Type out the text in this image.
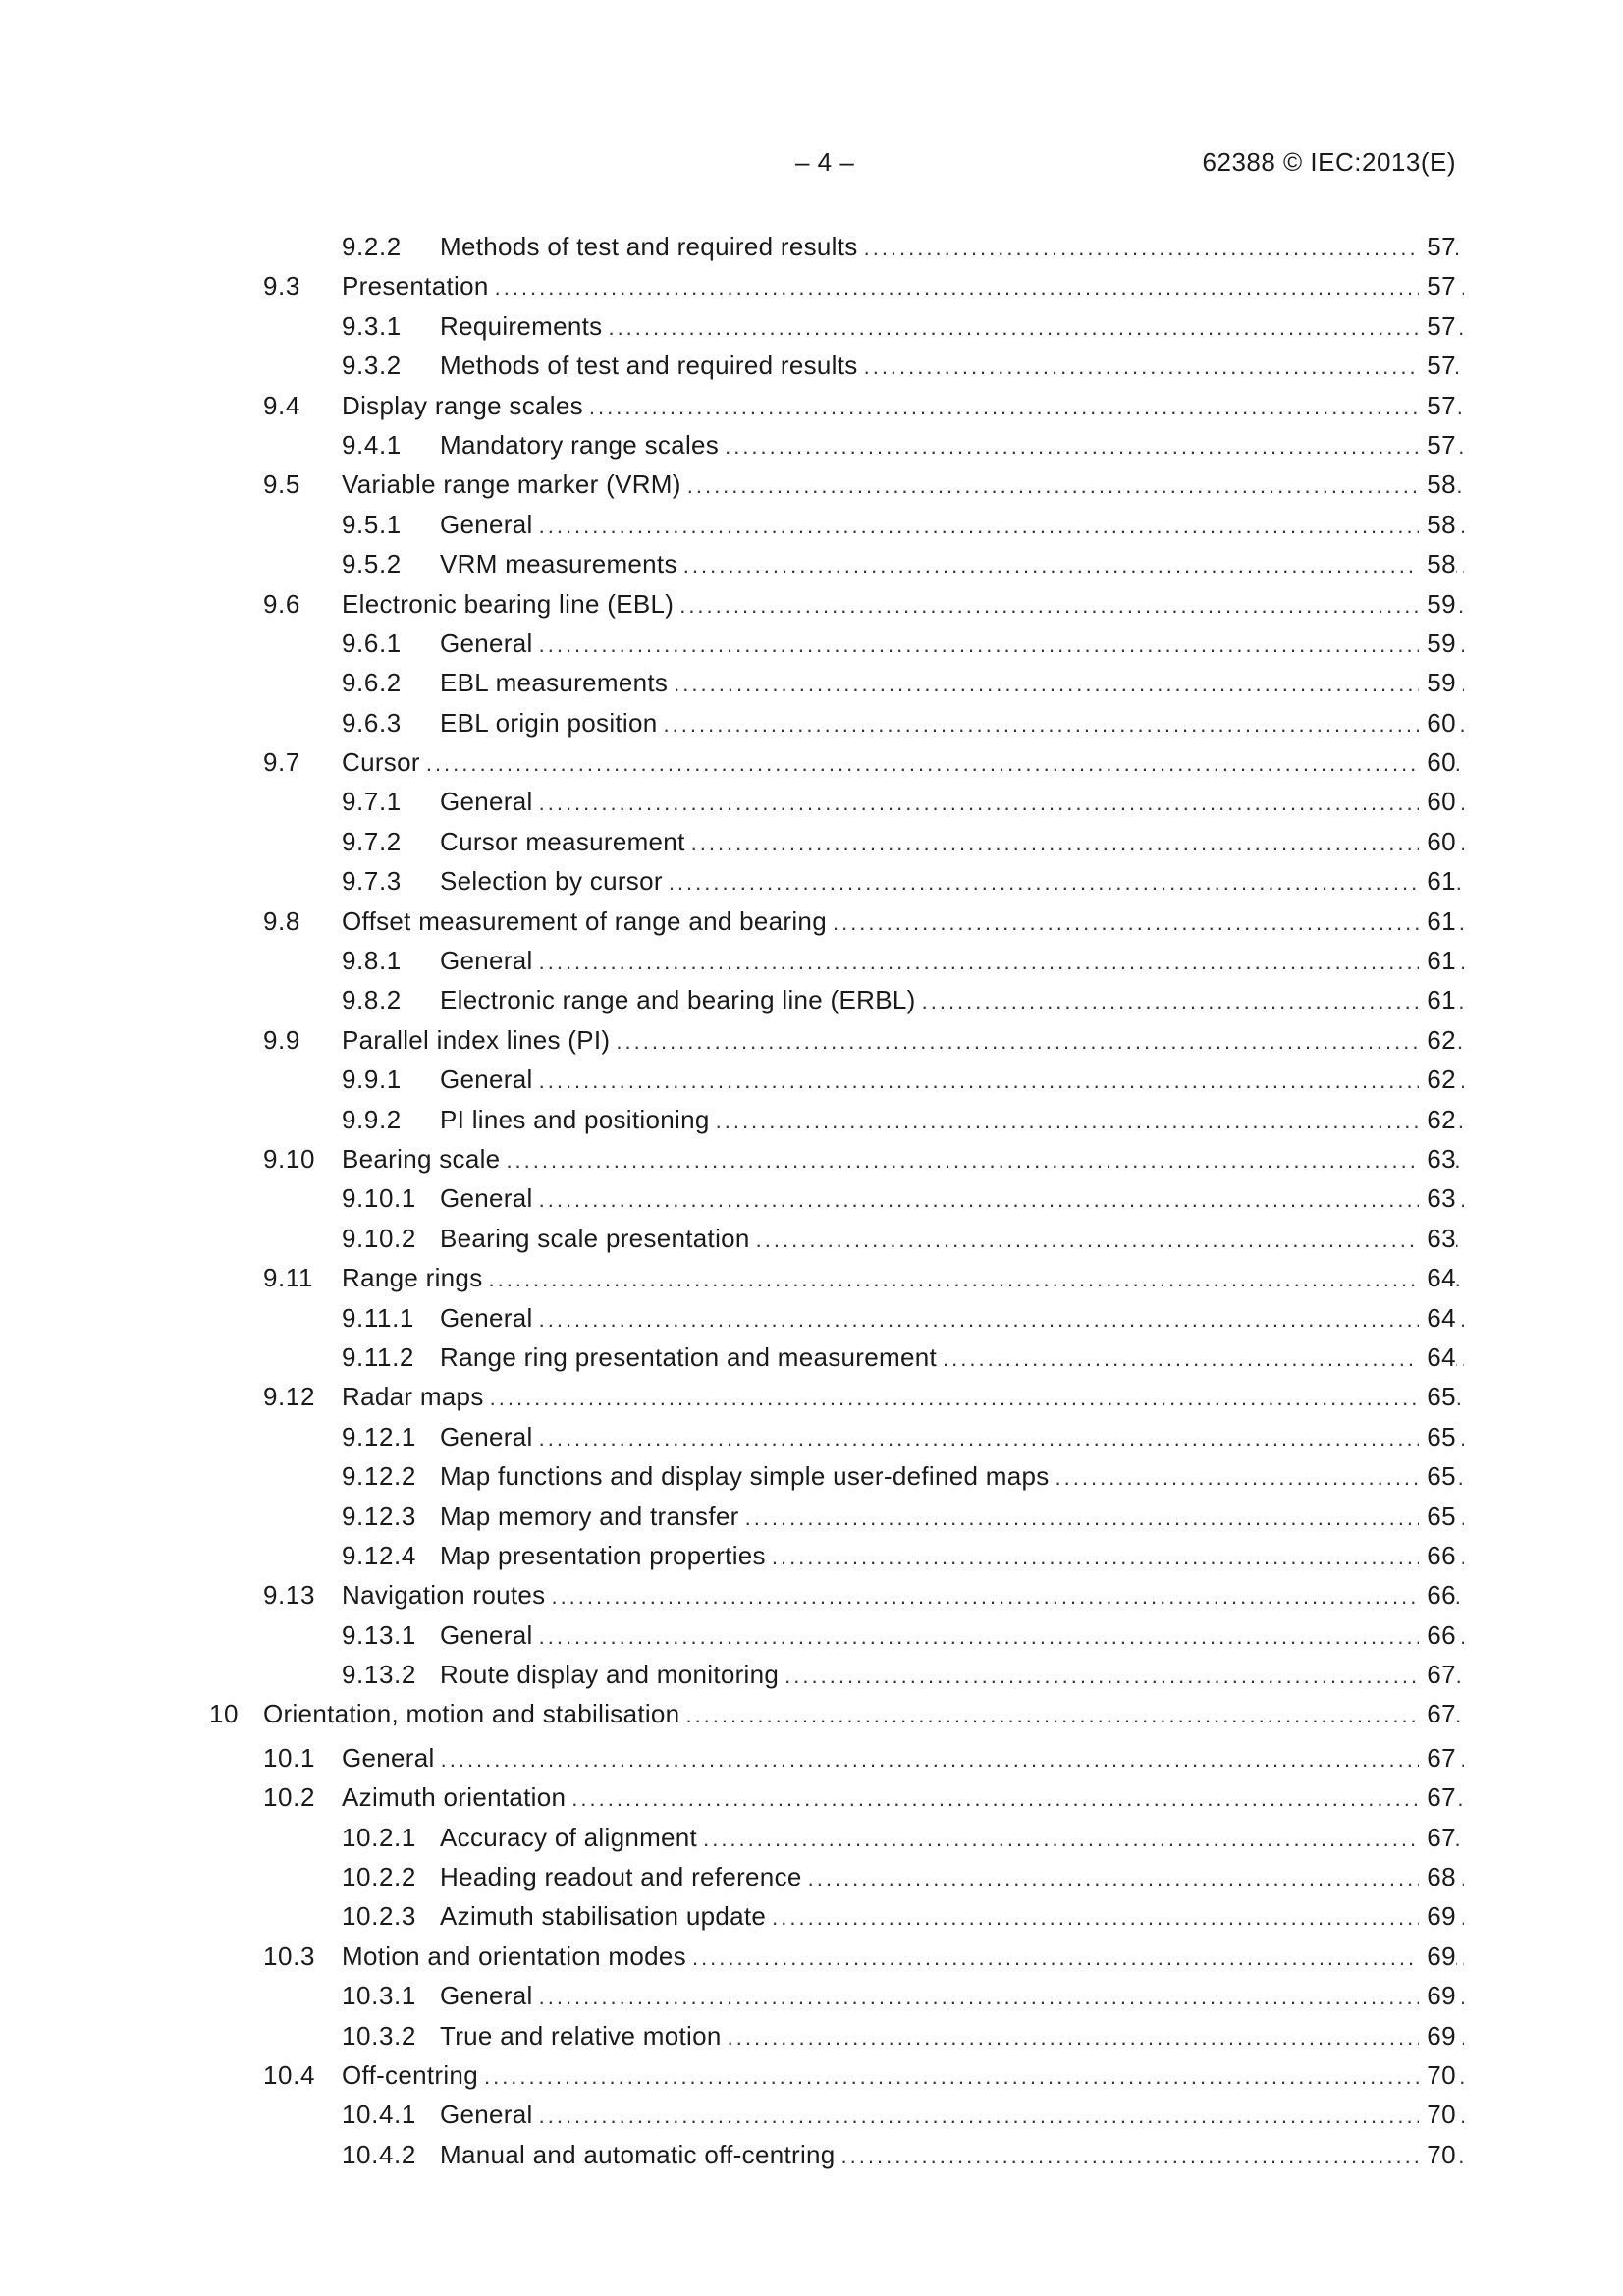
– 4 –	62388 © IEC:2013(E)
9.2.2 Methods of test and required results .....	57
9.3 Presentation .....	57
9.3.1 Requirements .....	57
9.3.2 Methods of test and required results .....	57
9.4 Display range scales .....	57
9.4.1 Mandatory range scales .....	57
9.5 Variable range marker (VRM) .....	58
9.5.1 General .....	58
9.5.2 VRM measurements .....	58
9.6 Electronic bearing line (EBL) .....	59
9.6.1 General .....	59
9.6.2 EBL measurements .....	59
9.6.3 EBL origin position .....	60
9.7 Cursor .....	60
9.7.1 General .....	60
9.7.2 Cursor measurement .....	60
9.7.3 Selection by cursor .....	61
9.8 Offset measurement of range and bearing .....	61
9.8.1 General .....	61
9.8.2 Electronic range and bearing line (ERBL) .....	61
9.9 Parallel index lines (PI) .....	62
9.9.1 General .....	62
9.9.2 PI lines and positioning .....	62
9.10 Bearing scale .....	63
9.10.1 General .....	63
9.10.2 Bearing scale presentation .....	63
9.11 Range rings .....	64
9.11.1 General .....	64
9.11.2 Range ring presentation and measurement .....	64
9.12 Radar maps .....	65
9.12.1 General .....	65
9.12.2 Map functions and display simple user-defined maps .....	65
9.12.3 Map memory and transfer .....	65
9.12.4 Map presentation properties .....	66
9.13 Navigation routes .....	66
9.13.1 General .....	66
9.13.2 Route display and monitoring .....	67
10 Orientation, motion and stabilisation .....	67
10.1 General .....	67
10.2 Azimuth orientation .....	67
10.2.1 Accuracy of alignment .....	67
10.2.2 Heading readout and reference .....	68
10.2.3 Azimuth stabilisation update .....	69
10.3 Motion and orientation modes .....	69
10.3.1 General .....	69
10.3.2 True and relative motion .....	69
10.4 Off-centring .....	70
10.4.1 General .....	70
10.4.2 Manual and automatic off-centring .....	70
